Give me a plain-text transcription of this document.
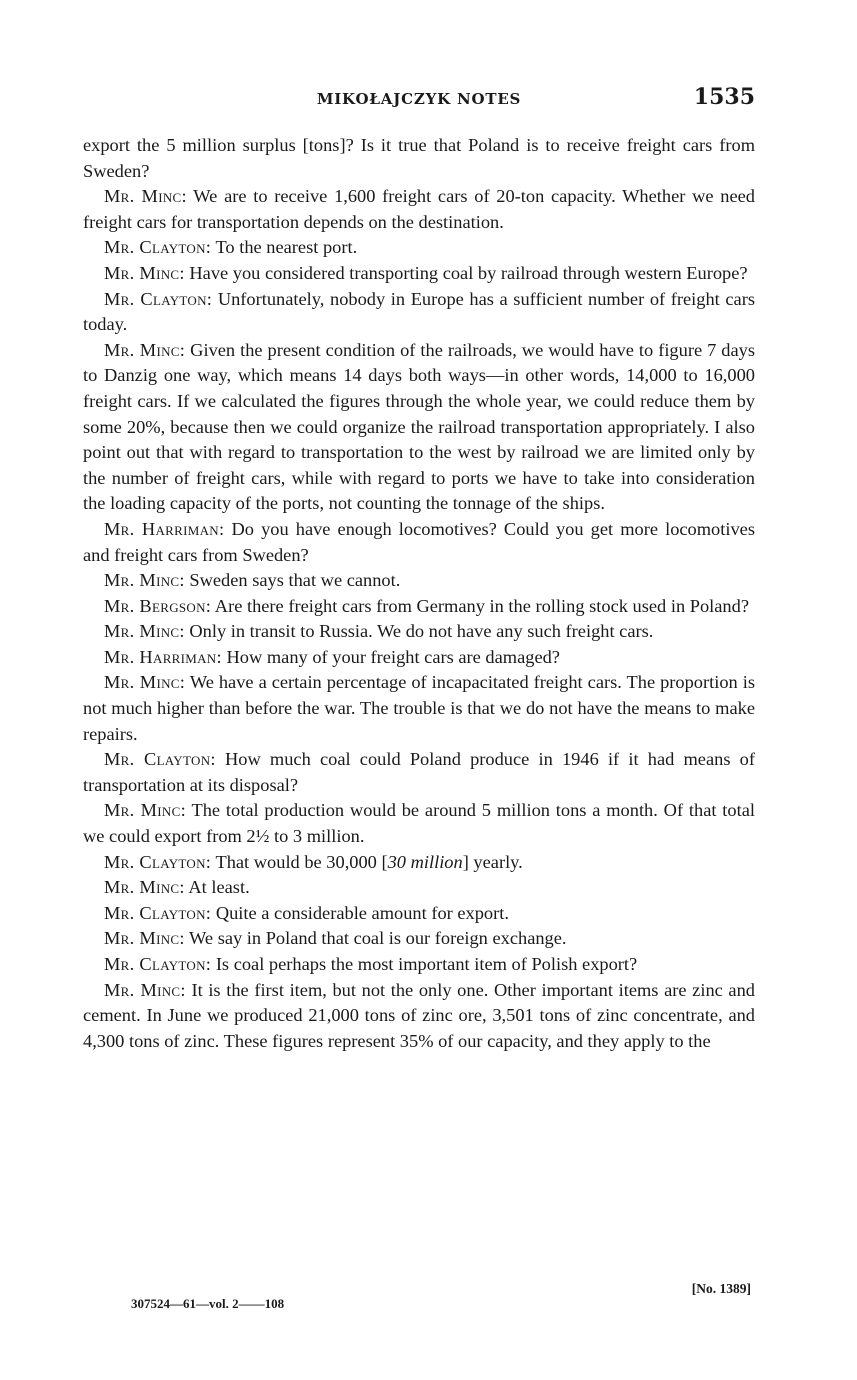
MIKOŁAJCZYK NOTES	1535

export the 5 million surplus [tons]? Is it true that Poland is to receive freight cars from Sweden?

Mr. Minc: We are to receive 1,600 freight cars of 20-ton capacity. Whether we need freight cars for transportation depends on the destination.

Mr. Clayton: To the nearest port.

Mr. Minc: Have you considered transporting coal by railroad through western Europe?

Mr. Clayton: Unfortunately, nobody in Europe has a sufficient number of freight cars today.

Mr. Minc: Given the present condition of the railroads, we would have to figure 7 days to Danzig one way, which means 14 days both ways—in other words, 14,000 to 16,000 freight cars. If we calculated the figures through the whole year, we could reduce them by some 20%, because then we could organize the railroad transportation appropriately. I also point out that with regard to transportation to the west by railroad we are limited only by the number of freight cars, while with regard to ports we have to take into consideration the loading capacity of the ports, not counting the tonnage of the ships.

Mr. Harriman: Do you have enough locomotives? Could you get more locomotives and freight cars from Sweden?

Mr. Minc: Sweden says that we cannot.

Mr. Bergson: Are there freight cars from Germany in the rolling stock used in Poland?

Mr. Minc: Only in transit to Russia. We do not have any such freight cars.

Mr. Harriman: How many of your freight cars are damaged?

Mr. Minc: We have a certain percentage of incapacitated freight cars. The proportion is not much higher than before the war. The trouble is that we do not have the means to make repairs.

Mr. Clayton: How much coal could Poland produce in 1946 if it had means of transportation at its disposal?

Mr. Minc: The total production would be around 5 million tons a month. Of that total we could export from 2½ to 3 million.

Mr. Clayton: That would be 30,000 [30 million] yearly.

Mr. Minc: At least.

Mr. Clayton: Quite a considerable amount for export.

Mr. Minc: We say in Poland that coal is our foreign exchange.

Mr. Clayton: Is coal perhaps the most important item of Polish export?

Mr. Minc: It is the first item, but not the only one. Other important items are zinc and cement. In June we produced 21,000 tons of zinc ore, 3,501 tons of zinc concentrate, and 4,300 tons of zinc. These figures represent 35% of our capacity, and they apply to the

[No. 1389]
307524—61—vol. 2——108
